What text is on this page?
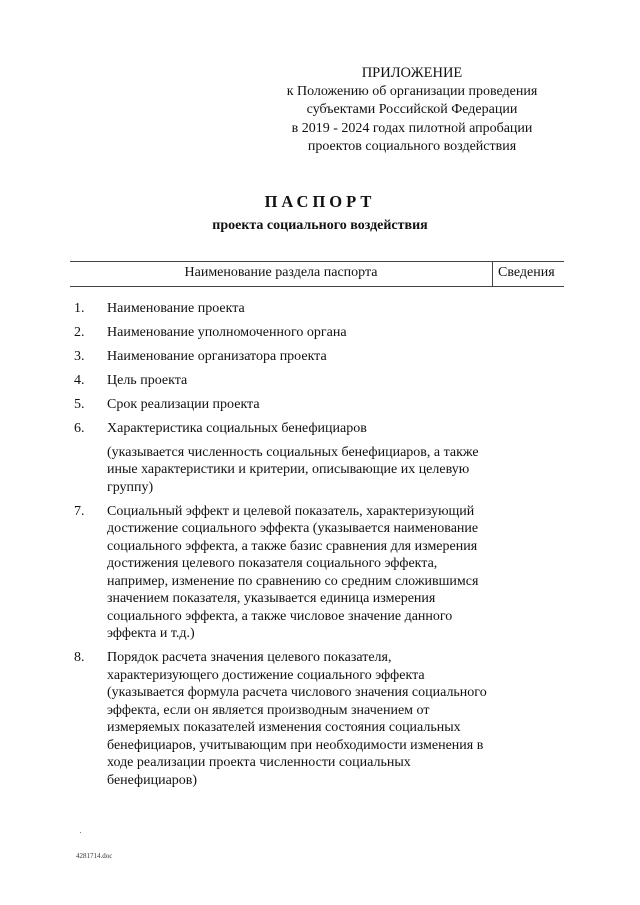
ПРИЛОЖЕНИЕ
к Положению об организации проведения
субъектами Российской Федерации
в 2019 - 2024 годах пилотной апробации
проектов социального воздействия
ПАСПОРТ
проекта социального воздействия
Наименование раздела паспорта	Сведения
1. Наименование проекта
2. Наименование уполномоченного органа
3. Наименование организатора проекта
4. Цель проекта
5. Срок реализации проекта
6. Характеристика социальных бенефициаров
(указывается численность социальных бенефициаров, а также иные характеристики и критерии, описывающие их целевую группу)
7. Социальный эффект и целевой показатель, характеризующий достижение социального эффекта (указывается наименование социального эффекта, а также базис сравнения для измерения достижения целевого показателя социального эффекта, например, изменение по сравнению со средним сложившимся значением показателя, указывается единица измерения социального эффекта, а также числовое значение данного эффекта и т.д.)
8. Порядок расчета значения целевого показателя, характеризующего достижение социального эффекта (указывается формула расчета числового значения социального эффекта, если он является производным значением от измеряемых показателей изменения состояния социальных бенефициаров, учитывающим при необходимости изменения в ходе реализации проекта численности социальных бенефициаров)
4281714.doc
